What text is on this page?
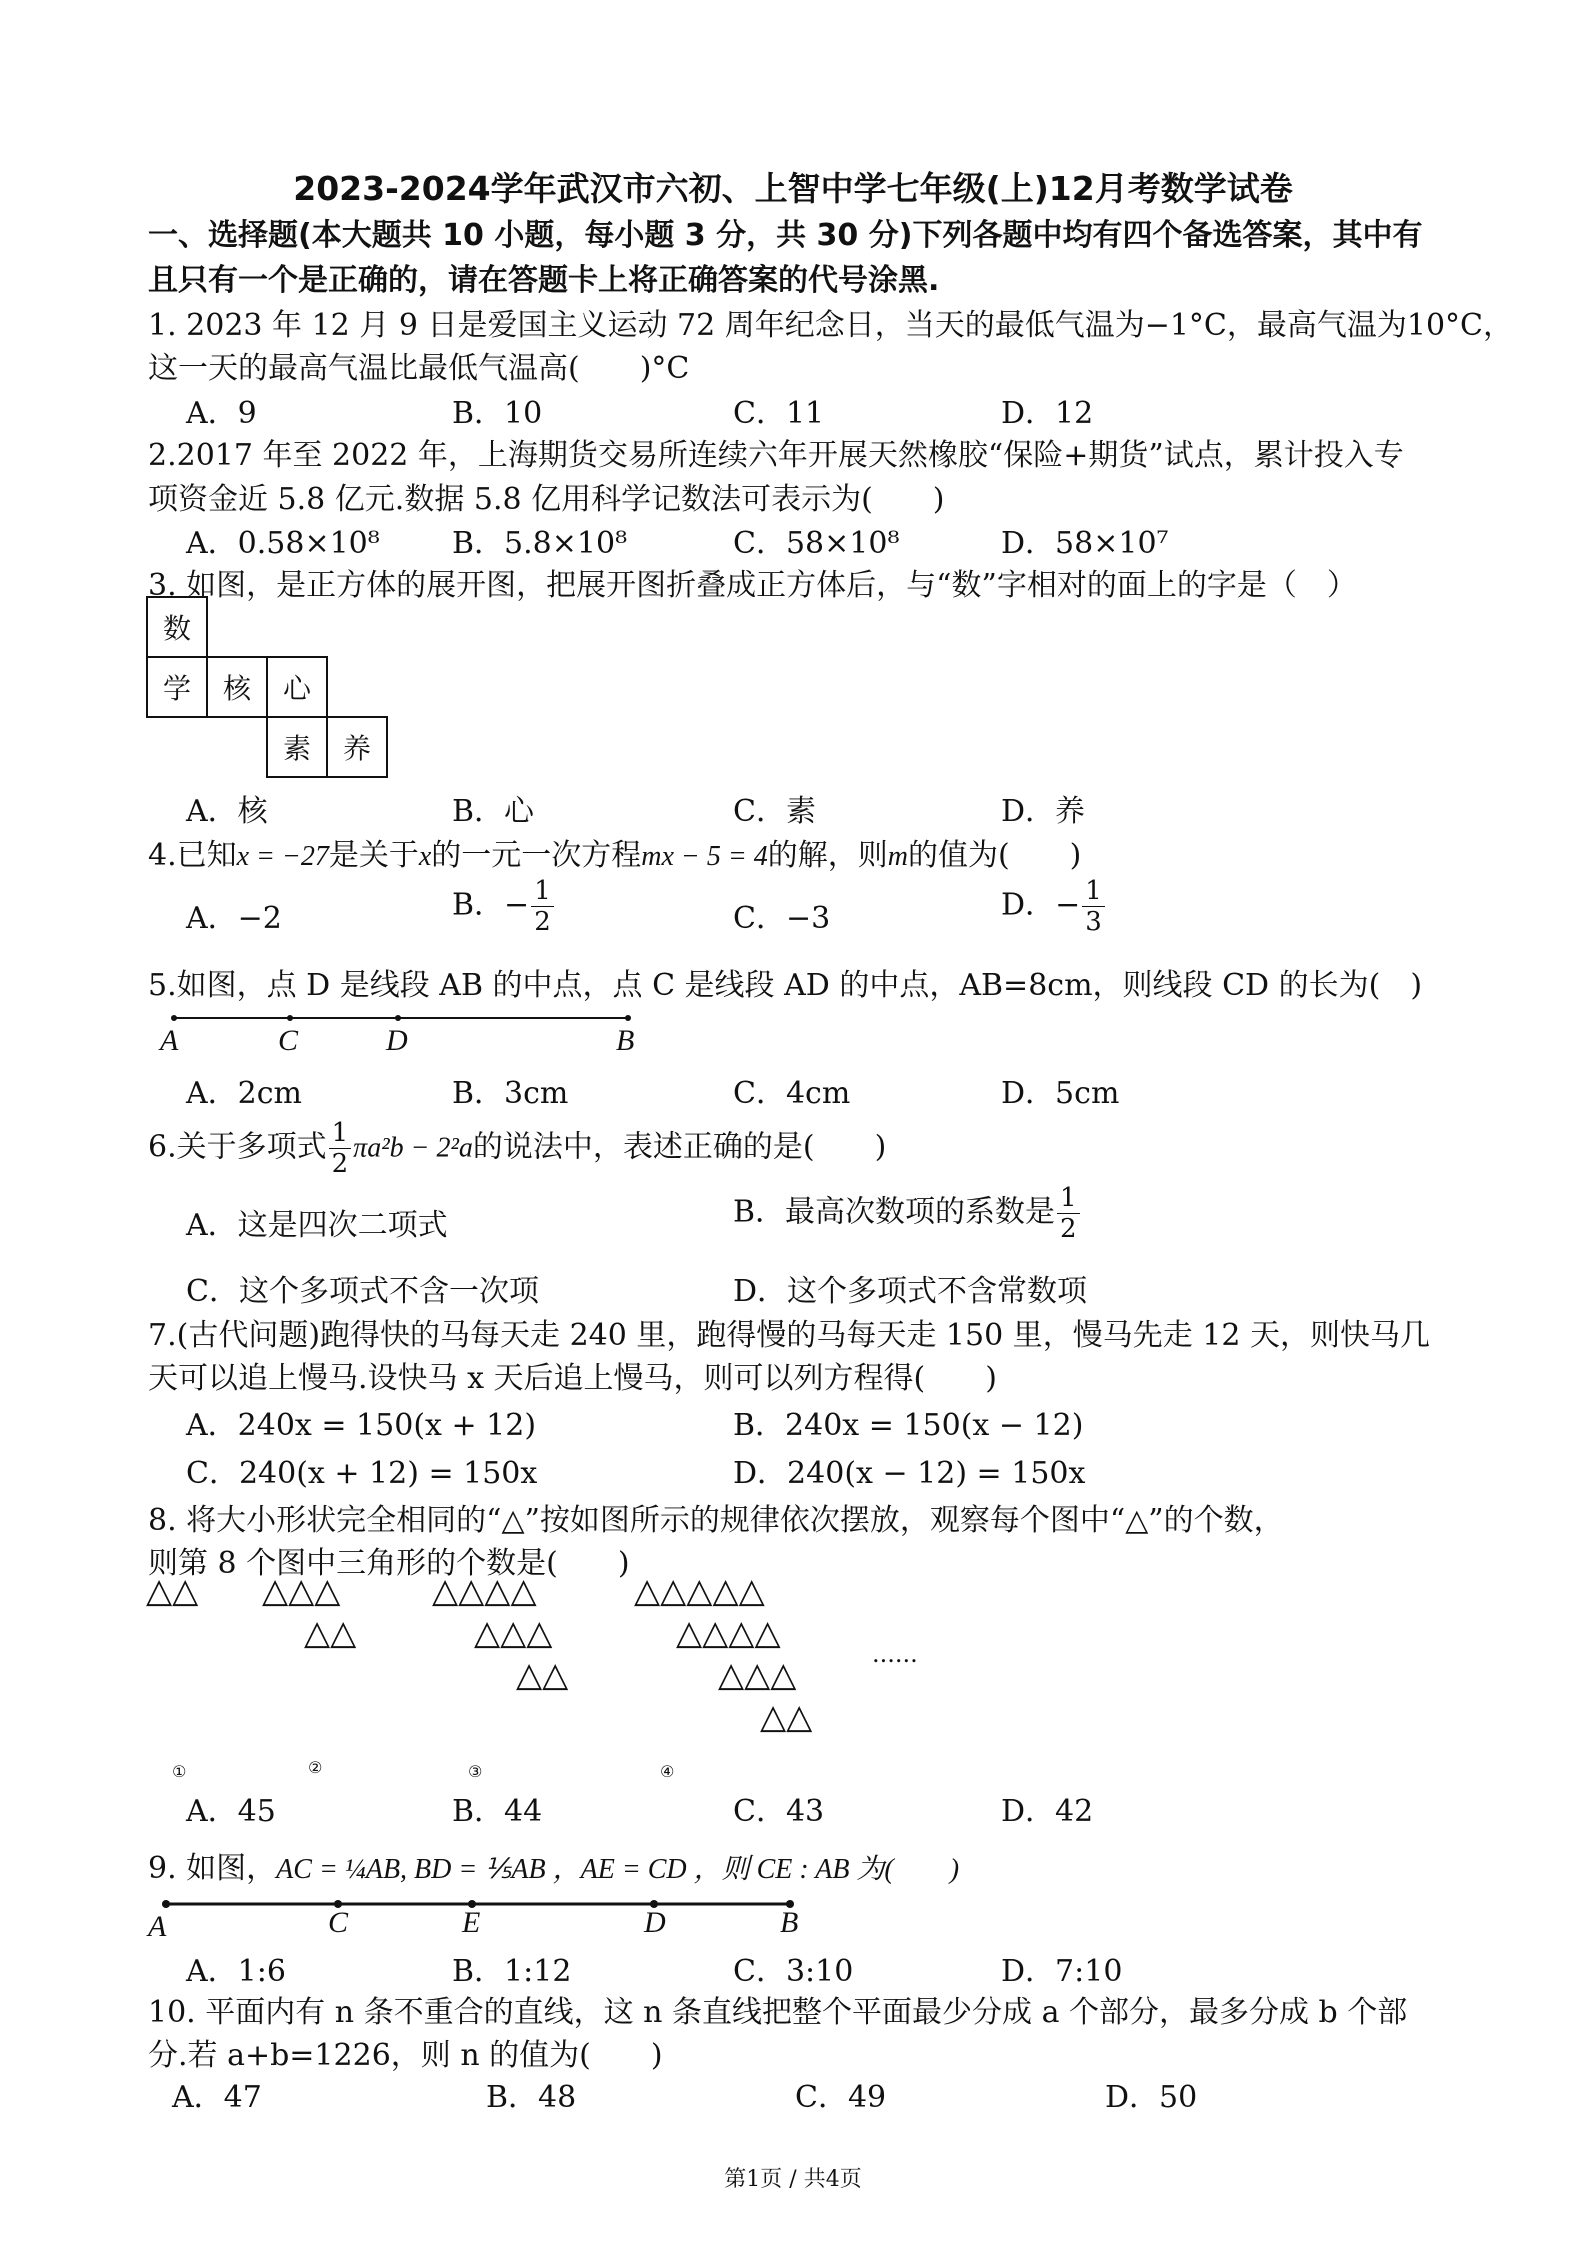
2023-2024学年武汉市六初、上智中学七年级(上)12月考数学试卷
一、选择题(本大题共 10 小题，每小题 3 分，共 30 分)下列各题中均有四个备选答案，其中有
且只有一个是正确的，请在答题卡上将正确答案的代号涂黑.
1. 2023 年 12 月 9 日是爱国主义运动 72 周年纪念日，当天的最低气温为−1°C，最高气温为10°C，
这一天的最高气温比最低气温高(　　)°C
A．9	B．10	C．11	D．12
2.2017 年至 2022 年，上海期货交易所连续六年开展天然橡胶“保险+期货”试点，累计投入专
项资金近 5.8 亿元.数据 5.8 亿用科学记数法可表示为(　　)
A．0.58×10⁸ B．5.8×10⁸	C．58×10⁸	D．58×10⁷
3. 如图，是正方体的展开图，把展开图折叠成正方体后，与“数”字相对的面上的字是（　）
数
学	核	心
素	养
A．核	B．心	C．素	D．养
4.已知x = −27是关于x的一元一次方程mx − 5 = 4的解，则m的值为(　　)
A．−2	B．− $\frac{1}{2}$	C．−3	D．− $\frac{1}{3}$
5.如图，点 D 是线段 AB 的中点，点 C 是线段 AD 的中点，AB=8cm，则线段 CD 的长为(　)
A	C	D	B
A．2cm	B．3cm	C．4cm	D．5cm
6.关于多项式 $\frac{1}{2} \pi a^2b - 2^2a$的说法中，表述正确的是(　　)
A．这是四次二项式	B．最高次数项的系数是 $\frac{1}{2}$
C．这个多项式不含一次项	D．这个多项式不含常数项
7.(古代问题)跑得快的马每天走 240 里，跑得慢的马每天走 150 里，慢马先走 12 天，则快马几
天可以追上慢马.设快马 x 天后追上慢马，则可以列方程得(　　)
A．240x = 150(x + 12)	B．240x = 150(x − 12)
C．240(x + 12) = 150x	D．240(x − 12) = 150x
8. 将大小形状完全相同的“△”按如图所示的规律依次摆放，观察每个图中“△”的个数，
则第 8 个图中三角形的个数是(　　)
△△ △△△
△△
△△△△
△△△
△△
△△△△△
△△△△
△△△
△△
......
①	②	③	④
A．45	B．44	C．43	D．42
9. 如图，AC = ¼AB, BD = ⅕AB ，AE = CD ，则 CE : AB 为(　　)
A	C	E	D	B
A．1:6	B．1:12	C．3:10	D．7:10
10. 平面内有 n 条不重合的直线，这 n 条直线把整个平面最少分成 a 个部分，最多分成 b 个部
分.若 a+b=1226，则 n 的值为(　　)
A．47	B．48	C．49	D．50
第1页 / 共4页
